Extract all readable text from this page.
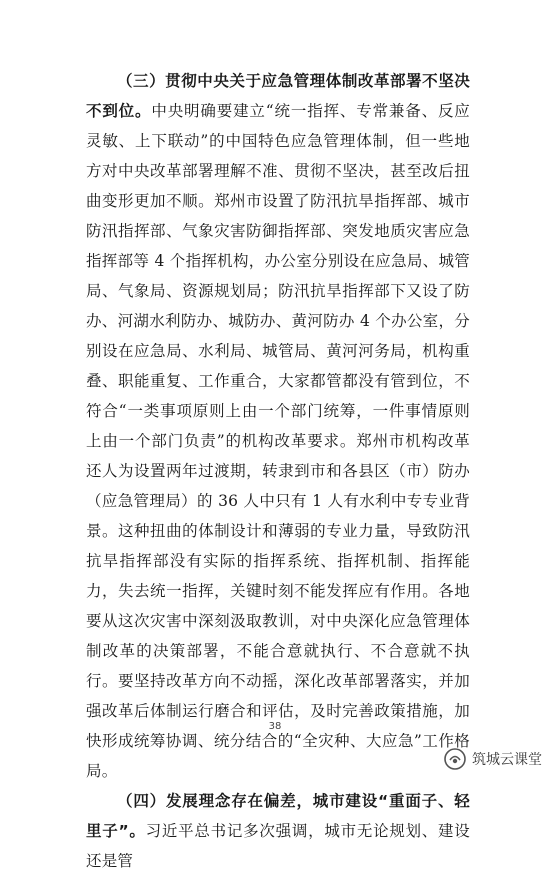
（三）贯彻中央关于应急管理体制改革部署不坚决不到位。中央明确要建立“统一指挥、专常兼备、反应灵敏、上下联动”的中国特色应急管理体制，但一些地方对中央改革部署理解不准、贯彻不坚决，甚至改后扭曲变形更加不顺。郑州市设置了防汛抗旱指挥部、城市防汛指挥部、气象灾害防御指挥部、突发地质灾害应急指挥部等 4 个指挥机构，办公室分别设在应急局、城管局、气象局、资源规划局；防汛抗旱指挥部下又设了防办、河湖水利防办、城防办、黄河防办 4 个办公室，分别设在应急局、水利局、城管局、黄河河务局，机构重叠、职能重复、工作重合，大家都管都没有管到位，不符合“一类事项原则上由一个部门统筹，一件事情原则上由一个部门负责”的机构改革要求。郑州市机构改革还人为设置两年过渡期，转隶到市和各县区（市）防办（应急管理局）的 36 人中只有 1 人有水利中专专业背景。这种扭曲的体制设计和薄弱的专业力量，导致防汛抗旱指挥部没有实际的指挥系统、指挥机制、指挥能力，失去统一指挥，关键时刻不能发挥应有作用。各地要从这次灾害中深刻汲取教训，对中央深化应急管理体制改革的决策部署，不能合意就执行、不合意就不执行。要坚持改革方向不动摇，深化改革部署落实，并加强改革后体制运行磨合和评估，及时完善政策措施，加快形成统筹协调、统分结合的“全灾种、大应急”工作格局。

（四）发展理念存在偏差，城市建设“重面子、轻里子”。习近平总书记多次强调，城市无论规划、建设还是管

38
筑城云课堂
